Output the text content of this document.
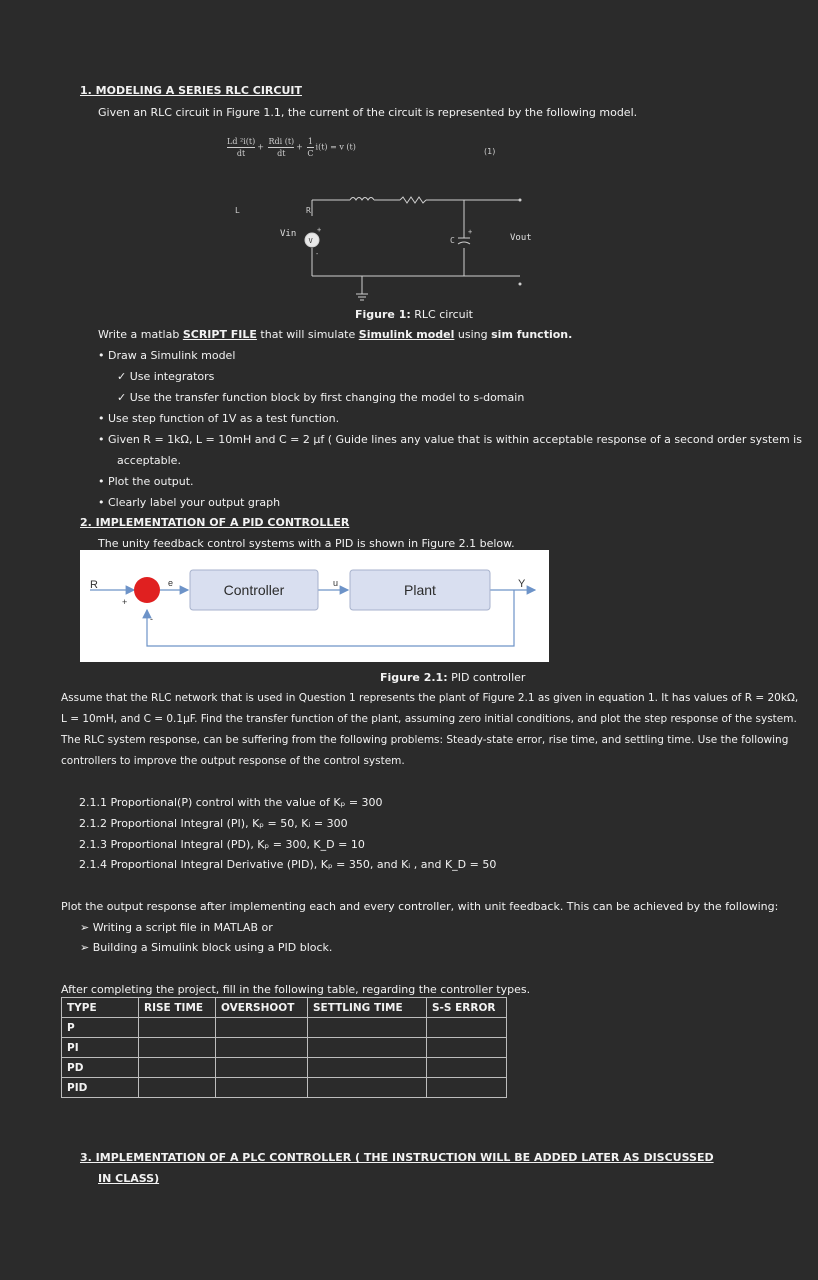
1. MODELING A SERIES RLC CIRCUIT
Given an RLC circuit in Figure 1.1, the current of the circuit is represented by the following model.
$\frac{\text{Ld ²i(t)}}{dt} + \frac{\text{Rdi (t)}}{dt} + \frac{1}{C} i(t) = v$ (t)	(1)
L	R
Vin
V
+
-
C
+
Vout
Figure 1: RLC circuit
Write a matlab SCRIPT FILE that will simulate Simulink model using sim function.
• Draw a Simulink model
✓ Use integrators
✓ Use the transfer function block by first changing the model to s-domain
• Use step function of 1V as a test function.
• Given R = 1kΩ, L = 10mH and C = 2 µf ( Guide lines any value that is within acceptable response of a second order system is
acceptable.
• Plot the output.
• Clearly label your output graph
2. IMPLEMENTATION OF A PID CONTROLLER
The unity feedback control systems with a PID is shown in Figure 2.1 below.
Controller	Plant
R
+
-
e	u	Y
Figure 2.1: PID controller
Assume that the RLC network that is used in Question 1 represents the plant of Figure 2.1 as given in equation 1. It has values of R = 20kΩ,
L = 10mH, and C = 0.1µF. Find the transfer function of the plant, assuming zero initial conditions, and plot the step response of the system.
The RLC system response, can be suffering from the following problems: Steady-state error, rise time, and settling time. Use the following
controllers to improve the output response of the control system.
2.1.1 Proportional(P) control with the value of Kₚ = 300
2.1.2 Proportional Integral (PI), Kₚ = 50, Kᵢ = 300
2.1.3 Proportional Integral (PD), Kₚ = 300, K_D = 10
2.1.4 Proportional Integral Derivative (PID), Kₚ = 350, and Kᵢ , and K_D = 50
Plot the output response after implementing each and every controller, with unit feedback. This can be achieved by the following:
➢ Writing a script file in MATLAB or
➢ Building a Simulink block using a PID block.
After completing the project, fill in the following table, regarding the controller types.
TYPE	RISE TIME	OVERSHOOT	SETTLING TIME	S-S ERROR
P				
PI				
PD				
PID				
3. IMPLEMENTATION OF A PLC CONTROLLER ( THE INSTRUCTION WILL BE ADDED LATER AS DISCUSSED
IN CLASS)
